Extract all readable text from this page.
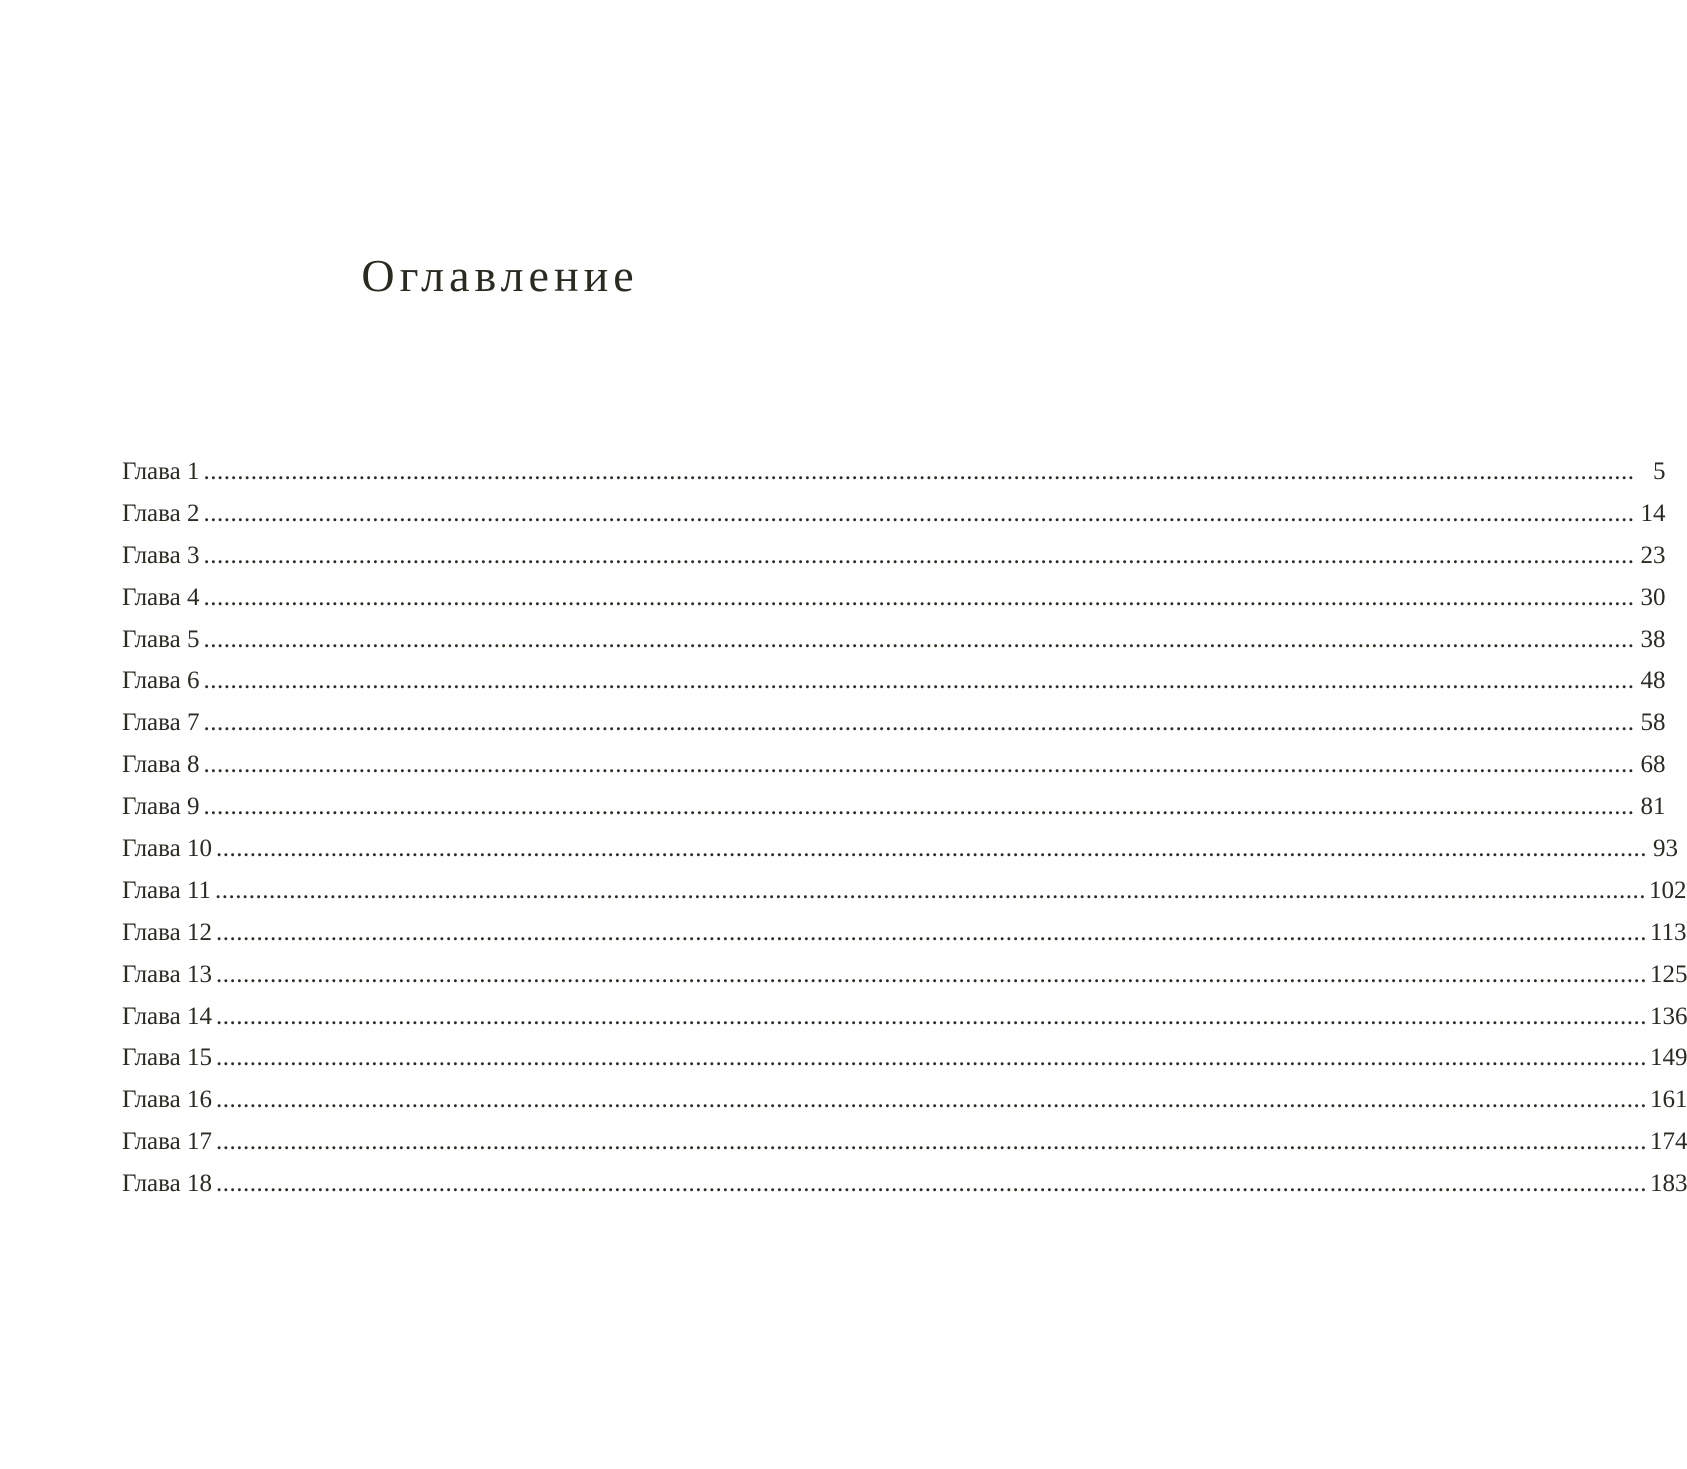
Оглавление
Глава 1 .................................................................................................................................................................................................................... 5
Глава 2 .................................................................................................................................................................................................................... 14
Глава 3 .................................................................................................................................................................................................................... 23
Глава 4 .................................................................................................................................................................................................................... 30
Глава 5 .................................................................................................................................................................................................................... 38
Глава 6 .................................................................................................................................................................................................................... 48
Глава 7 .................................................................................................................................................................................................................... 58
Глава 8 .................................................................................................................................................................................................................... 68
Глава 9 .................................................................................................................................................................................................................... 81
Глава 10 .................................................................................................................................................................................................................... 93
Глава 11 .................................................................................................................................................................................................................... 102
Глава 12 .................................................................................................................................................................................................................... 113
Глава 13 .................................................................................................................................................................................................................... 125
Глава 14 .................................................................................................................................................................................................................... 136
Глава 15 .................................................................................................................................................................................................................... 149
Глава 16 .................................................................................................................................................................................................................... 161
Глава 17 .................................................................................................................................................................................................................... 174
Глава 18 .................................................................................................................................................................................................................... 183
